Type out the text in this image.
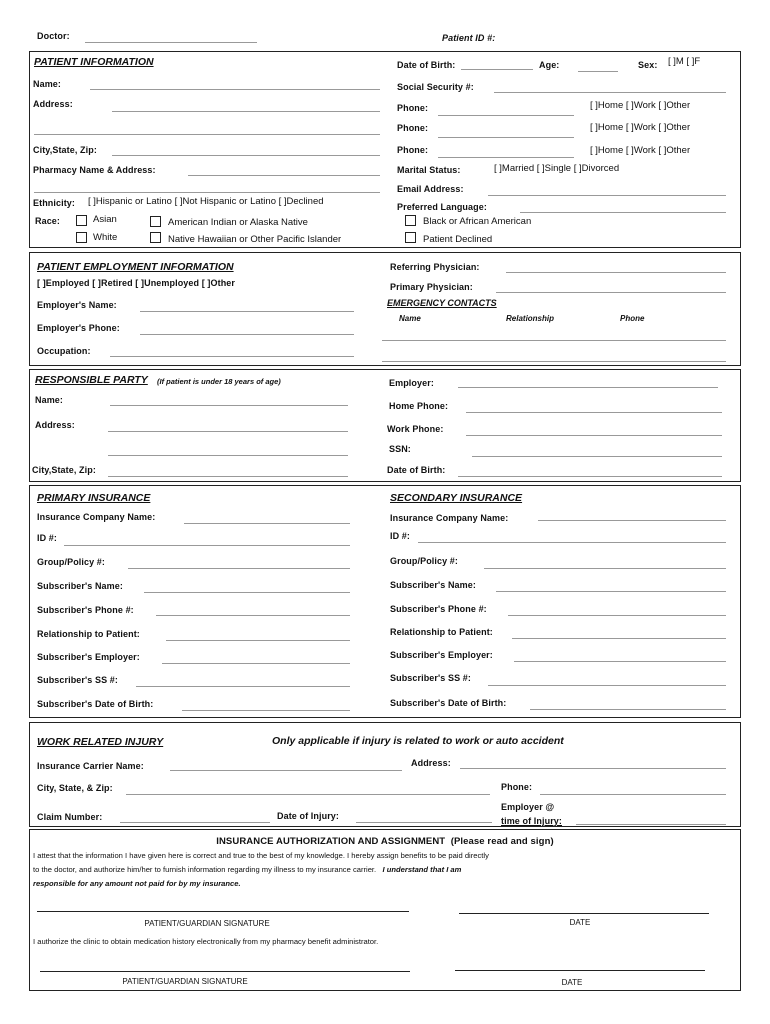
Doctor:	Patient ID #:
PATIENT INFORMATION
Name:
Address:
City,State, Zip:
Pharmacy Name & Address:
Ethnicity: [ ]Hispanic or Latino [ ]Not Hispanic or Latino [ ]Declined
Race:	Asian
White
American Indian or Alaska Native
Native Hawaiian or Other Pacific Islander
Date of Birth:	Age:	Sex: [ ]M [ ]F
Social Security #:
Phone:	[ ]Home [ ]Work [ ]Other
Phone:	[ ]Home [ ]Work [ ]Other
Phone:	[ ]Home [ ]Work [ ]Other
Marital Status:	[ ]Married [ ]Single [ ]Divorced
Email Address:
Preferred Language:
Black or African American
Patient Declined
PATIENT EMPLOYMENT INFORMATION
[ ]Employed [ ]Retired [ ]Unemployed [ ]Other
Employer's Name:
Employer's Phone:
Occupation:
Referring Physician:
Primary Physician:
EMERGENCY CONTACTS
Name	Relationship	Phone
RESPONSIBLE PARTY (If patient is under 18 years of age)
Name:
Address:
City,State, Zip:
Employer:
Home Phone:
Work Phone:
SSN:
Date of Birth:
PRIMARY INSURANCE	SECONDARY INSURANCE
Insurance Company Name:
ID #:
Group/Policy #:
Subscriber's Name:
Subscriber's Phone #:
Relationship to Patient:
Subscriber's Employer:
Subscriber's SS #:
Subscriber's Date of Birth:
Insurance Company Name:
ID #:
Group/Policy #:
Subscriber's Name:
Subscriber's Phone #:
Relationship to Patient:
Subscriber's Employer:
Subscriber's SS #:
Subscriber's Date of Birth:
WORK RELATED INJURY	Only applicable if injury is related to work or auto accident
Insurance Carrier Name:	Address:
City, State, & Zip:	Phone:
Claim Number:	Date of Injury:
Employer @
time of Injury:
INSURANCE AUTHORIZATION AND ASSIGNMENT (Please read and sign)
I attest that the information I have given here is correct and true to the best of my knowledge. I hereby assign benefits to be paid directly
to the doctor, and authorize him/her to furnish information regarding my illness to my insurance carrier. I understand that I am
responsible for any amount not paid for by my insurance.
PATIENT/GUARDIAN SIGNATURE	DATE
I authorize the clinic to obtain medication history electronically from my pharmacy benefit administrator.
PATIENT/GUARDIAN SIGNATURE	DATE
